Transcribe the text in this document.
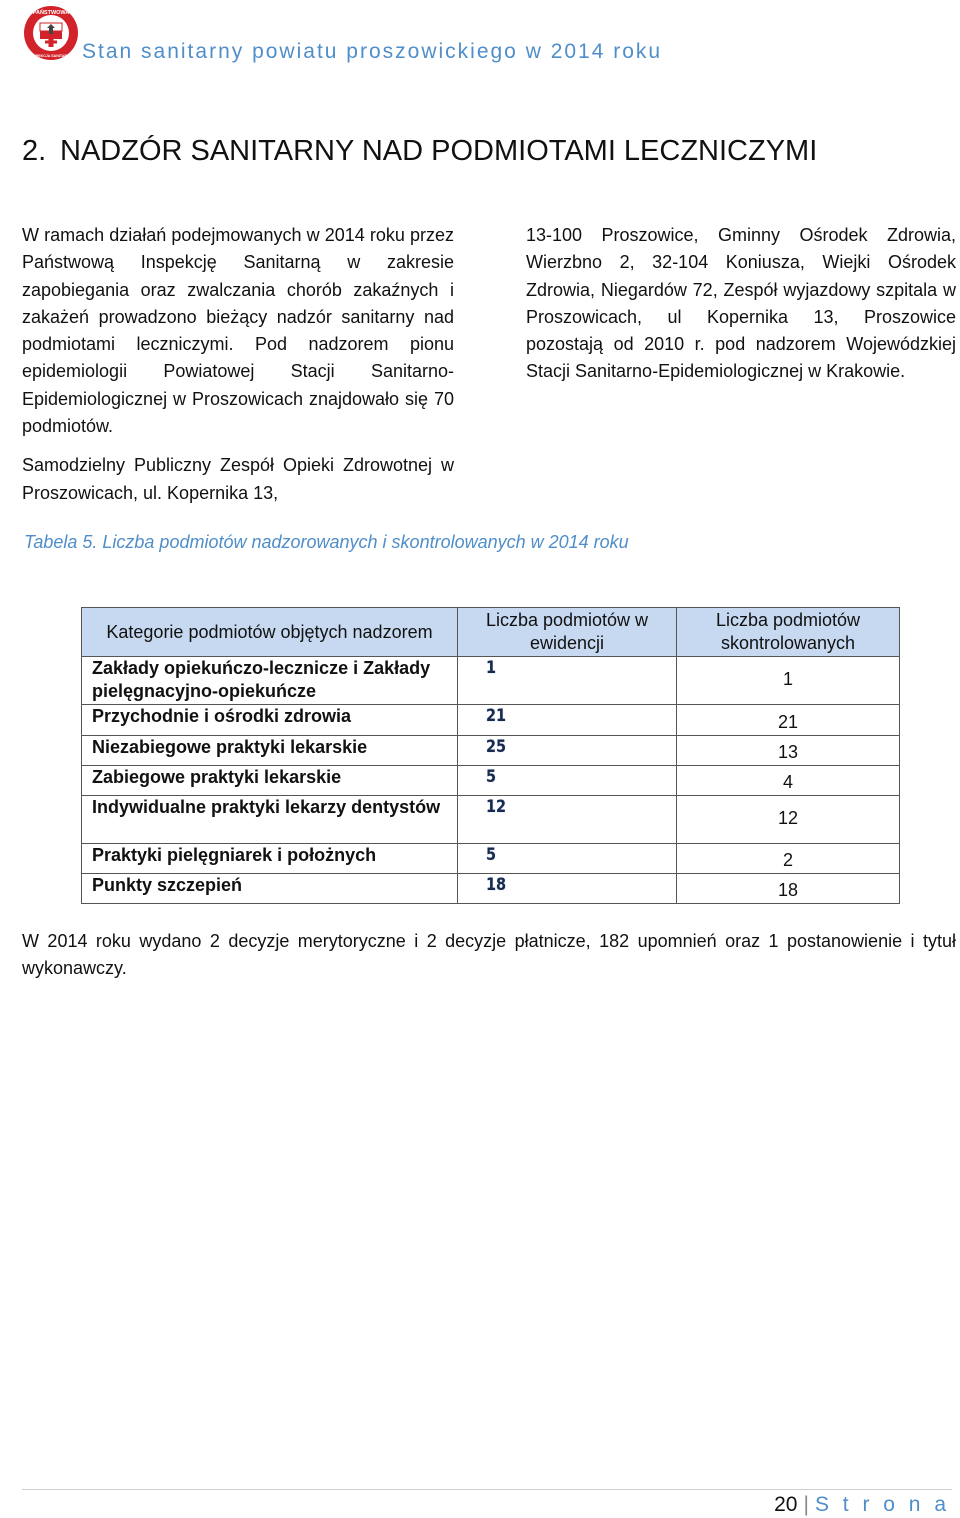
PAŃSTWOWA
INSPEKCJA SANITARNA Stan sanitarny powiatu proszowickiego w 2014 roku
2. NADZÓR SANITARNY NAD PODMIOTAMI LECZNICZYMI

W ramach działań podejmowanych w 2014 roku przez Państwową Inspekcję Sanitarną w zakresie zapobiegania oraz zwalczania chorób zakaźnych i zakażeń prowadzono bieżący nadzór sanitarny nad podmiotami leczniczymi. Pod nadzorem pionu epidemiologii Powiatowej Stacji Sanitarno-Epidemiologicznej w Proszowicach znajdowało się 70 podmiotów.

Samodzielny Publiczny Zespół Opieki Zdrowotnej w Proszowicach, ul. Kopernika 13,

13-100 Proszowice, Gminny Ośrodek Zdrowia, Wierzbno 2, 32-104 Koniusza, Wiejki Ośrodek Zdrowia, Niegardów 72, Zespół wyjazdowy szpitala w Proszowicach, ul Kopernika 13, Proszowice pozostają od 2010 r. pod nadzorem Wojewódzkiej Stacji Sanitarno-Epidemiologicznej w Krakowie.

Tabela 5. Liczba podmiotów nadzorowanych i skontrolowanych w 2014 roku
Kategorie podmiotów objętych nadzorem	Liczba podmiotów w ewidencji	Liczba podmiotów skontrolowanych
Zakłady opiekuńczo-lecznicze i Zakłady pielęgnacyjno-opiekuńcze	1	1
Przychodnie i ośrodki zdrowia	21	21
Niezabiegowe praktyki lekarskie	25	13
Zabiegowe praktyki lekarskie	5	4
Indywidualne praktyki lekarzy dentystów	12	12
Praktyki pielęgniarek i położnych	5	2
Punkty szczepień	18	18
W 2014 roku wydano 2 decyzje merytoryczne i 2 decyzje płatnicze, 182 upomnień oraz 1 postanowienie i tytuł wykonawczy.
20 | S t r o n a
